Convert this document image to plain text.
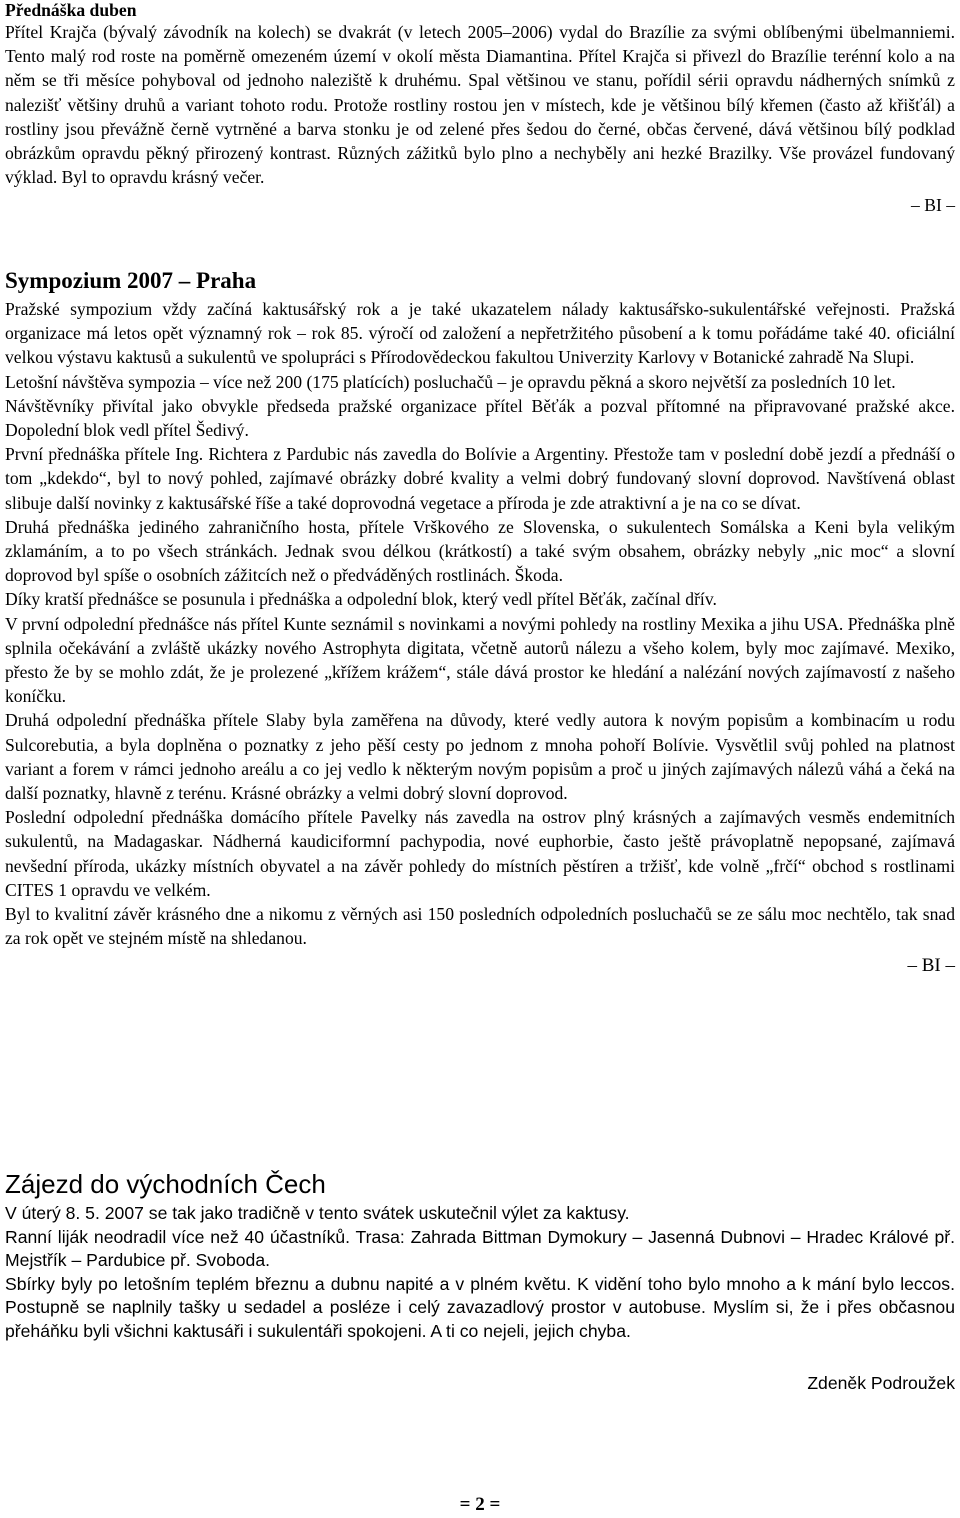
Přednáška duben

Přítel Krajča (bývalý závodník na kolech) se dvakrát (v letech 2005–2006) vydal do Brazílie za svými oblíbenými übelmanniemi. Tento malý rod roste na poměrně omezeném území v okolí města Diamantina. Přítel Krajča si přivezl do Brazílie terénní kolo a na něm se tři měsíce pohyboval od jednoho naleziště k druhému. Spal většinou ve stanu, pořídil sérii opravdu nádherných snímků z nalezišť většiny druhů a variant tohoto rodu. Protože rostliny rostou jen v místech, kde je většinou bílý křemen (často až křišťál) a rostliny jsou převážně černě vytrněné a barva stonku je od zelené přes šedou do černé, občas červené, dává většinou bílý podklad obrázkům opravdu pěkný přirozený kontrast. Různých zážitků bylo plno a nechyběly ani hezké Brazilky. Vše provázel fundovaný výklad. Byl to opravdu krásný večer.

– BI –

Sympozium 2007 – Praha

Pražské sympozium vždy začíná kaktusářský rok a je také ukazatelem nálady kaktusářsko-sukulentářské veřejnosti. Pražská organizace má letos opět významný rok – rok 85. výročí od založení a nepřetržitého působení a k tomu pořádáme také 40. oficiální velkou výstavu kaktusů a sukulentů ve spolupráci s Přírodovědeckou fakultou Univerzity Karlovy v Botanické zahradě Na Slupi.

Letošní návštěva sympozia – více než 200 (175 platících) posluchačů – je opravdu pěkná a skoro největší za posledních 10 let.

Návštěvníky přivítal jako obvykle předseda pražské organizace přítel Běťák a pozval přítomné na připravované pražské akce. Dopolední blok vedl přítel Šedivý.

První přednáška přítele Ing. Richtera z Pardubic nás zavedla do Bolívie a Argentiny. Přestože tam v poslední době jezdí a přednáší o tom „kdekdo“, byl to nový pohled, zajímavé obrázky dobré kvality a velmi dobrý fundovaný slovní doprovod. Navštívená oblast slibuje další novinky z kaktusářské říše a také doprovodná vegetace a příroda je zde atraktivní a je na co se dívat.

Druhá přednáška jediného zahraničního hosta, přítele Vrškového ze Slovenska, o sukulentech Somálska a Keni byla velikým zklamáním, a to po všech stránkách. Jednak svou délkou (krátkostí) a také svým obsahem, obrázky nebyly „nic moc“ a slovní doprovod byl spíše o osobních zážitcích než o předváděných rostlinách. Škoda.

Díky kratší přednášce se posunula i přednáška a odpolední blok, který vedl přítel Běťák, začínal dřív.

V první odpolední přednášce nás přítel Kunte seznámil s novinkami a novými pohledy na rostliny Mexika a jihu USA. Přednáška plně splnila očekávání a zvláště ukázky nového Astrophyta digitata, včetně autorů nálezu a všeho kolem, byly moc zajímavé. Mexiko, přesto že by se mohlo zdát, že je prolezené „křížem krážem“, stále dává prostor ke hledání a nalézání nových zajímavostí z našeho koníčku.

Druhá odpolední přednáška přítele Slaby byla zaměřena na důvody, které vedly autora k novým popisům a kombinacím u rodu Sulcorebutia, a byla doplněna o poznatky z jeho pěší cesty po jednom z mnoha pohoří Bolívie. Vysvětlil svůj pohled na platnost variant a forem v rámci jednoho areálu a co jej vedlo k některým novým popisům a proč u jiných zajímavých nálezů váhá a čeká na další poznatky, hlavně z terénu. Krásné obrázky a velmi dobrý slovní doprovod.

Poslední odpolední přednáška domácího přítele Pavelky nás zavedla na ostrov plný krásných a zajímavých vesměs endemitních sukulentů, na Madagaskar. Nádherná kaudiciformní pachypodia, nové euphorbie, často ještě právoplatně nepopsané, zajímavá nevšední příroda, ukázky místních obyvatel a na závěr pohledy do místních pěstíren a tržišť, kde volně „frčí“ obchod s rostlinami CITES 1 opravdu ve velkém.

Byl to kvalitní závěr krásného dne a nikomu z věrných asi 150 posledních odpoledních posluchačů se ze sálu moc nechtělo, tak snad za rok opět ve stejném místě na shledanou.

– BI –

Zájezd do východních Čech

V úterý 8. 5. 2007 se tak jako tradičně v tento svátek uskutečnil výlet za kaktusy.

Ranní liják neodradil více než 40 účastníků. Trasa: Zahrada Bittman Dymokury – Jasenná Dubnovi – Hradec Králové př. Mejstřík – Pardubice př. Svoboda.

Sbírky byly po letošním teplém březnu a dubnu napité a v plném květu. K vidění toho bylo mnoho a k mání bylo leccos. Postupně se naplnily tašky u sedadel a posléze i celý zavazadlový prostor v autobuse. Myslím si, že i přes občasnou přeháňku byli všichni kaktusáři i sukulentáři spokojeni. A ti co nejeli, jejich chyba.

Zdeněk Podroužek

= 2 =
